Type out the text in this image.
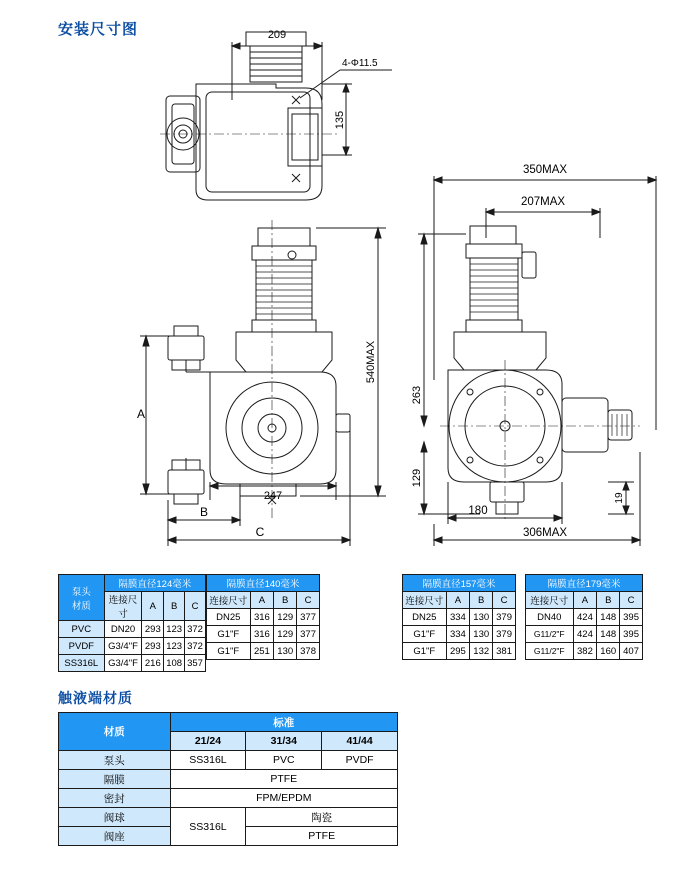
安装尺寸图
触液端材质
209
4-Φ11.5
135
540MAX
247
A
B
C
350MAX
207MAX
263
129
19
180
306MAX
泵头
材质	隔膜直径124毫米			
	连接尺寸	A	B	C
PVC	DN20	293	123	372
PVDF	G3/4"F	293	123	372
SS316L	G3/4"F	216	108	357
隔膜直径140毫米			
连接尺寸	A	B	C
DN25	316	129	377
G1"F	316	129	377
G1"F	251	130	378
隔膜直径157毫米			
连接尺寸	A	B	C
DN25	334	130	379
G1"F	334	130	379
G1"F	295	132	381
隔膜直径179毫米			
连接尺寸	A	B	C
DN40	424	148	395
G11/2"F	424	148	395
G11/2"F	382	160	407
材质	标准		
	21/24	31/34	41/44
泵头	SS316L	PVC	PVDF
隔膜	PTFE		
密封	FPM/EPDM		
阀球	SS316L	陶瓷	
阀座		PTFE	
